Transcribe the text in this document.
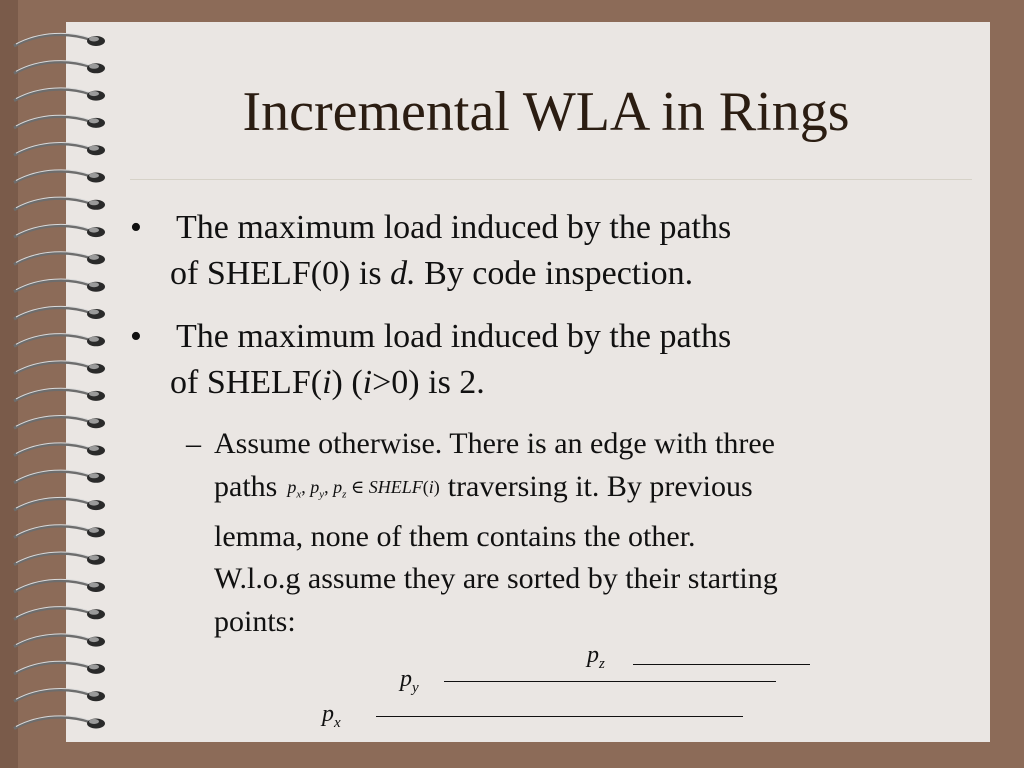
Incremental WLA in Rings
• The maximum load induced by the paths
of SHELF(0) is d. By code inspection.
• The maximum load induced by the paths
of SHELF(i) (i>0) is 2.
– Assume otherwise. There is an edge with three
paths $p_x$, $p_y$, $p_z$ ∈ SHELF(i) traversing it. By previous
lemma, none of them contains the other.
W.l.o.g assume they are sorted by their starting
points:
$p_z$
$p_y$
$p_x$
